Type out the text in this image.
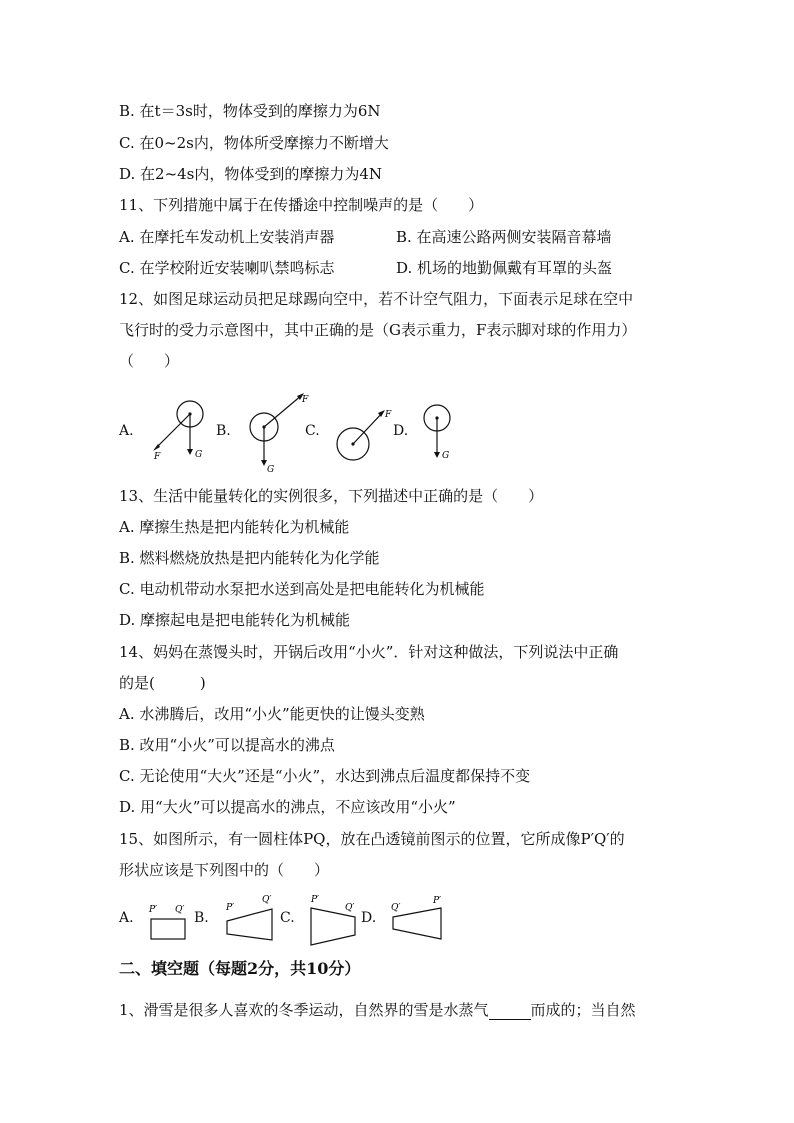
B. 在t＝3s时，物体受到的摩擦力为6N
C. 在0~2s内，物体所受摩擦力不断增大
D. 在2~4s内，物体受到的摩擦力为4N
11、下列措施中属于在传播途中控制噪声的是（　　）
A. 在摩托车发动机上安装消声器	B. 在高速公路两侧安装隔音幕墙
C. 在学校附近安装喇叭禁鸣标志	D. 机场的地勤佩戴有耳罩的头盔
12、如图足球运动员把足球踢向空中，若不计空气阻力，下面表示足球在空中
飞行时的受力示意图中，其中正确的是（G表示重力，F表示脚对球的作用力）
（　　）
A.	B.	C.	D.
F	G
F
G
F
G
13、生活中能量转化的实例很多，下列描述中正确的是（　　）
A. 摩擦生热是把内能转化为机械能
B. 燃料燃烧放热是把内能转化为化学能
C. 电动机带动水泵把水送到高处是把电能转化为机械能
D. 摩擦起电是把电能转化为机械能
14、妈妈在蒸馒头时，开锅后改用“小火”．针对这种做法，下列说法中正确
的是(　　　)
A. 水沸腾后，改用“小火”能更快的让馒头变熟
B. 改用“小火”可以提高水的沸点
C. 无论使用“大火”还是“小火”，水达到沸点后温度都保持不变
D. 用“大火”可以提高水的沸点，不应该改用“小火”
15、如图所示，有一圆柱体PQ，放在凸透镜前图示的位置，它所成像P′Q′的
形状应该是下列图中的（　　）
A.	B.	C.	D.
P′ Q′	P′
Q′	P′
Q′	Q′
P′
二、填空题（每题2分，共10分）
1、滑雪是很多人喜欢的冬季运动，自然界的雪是水蒸气	而成的；当自然
